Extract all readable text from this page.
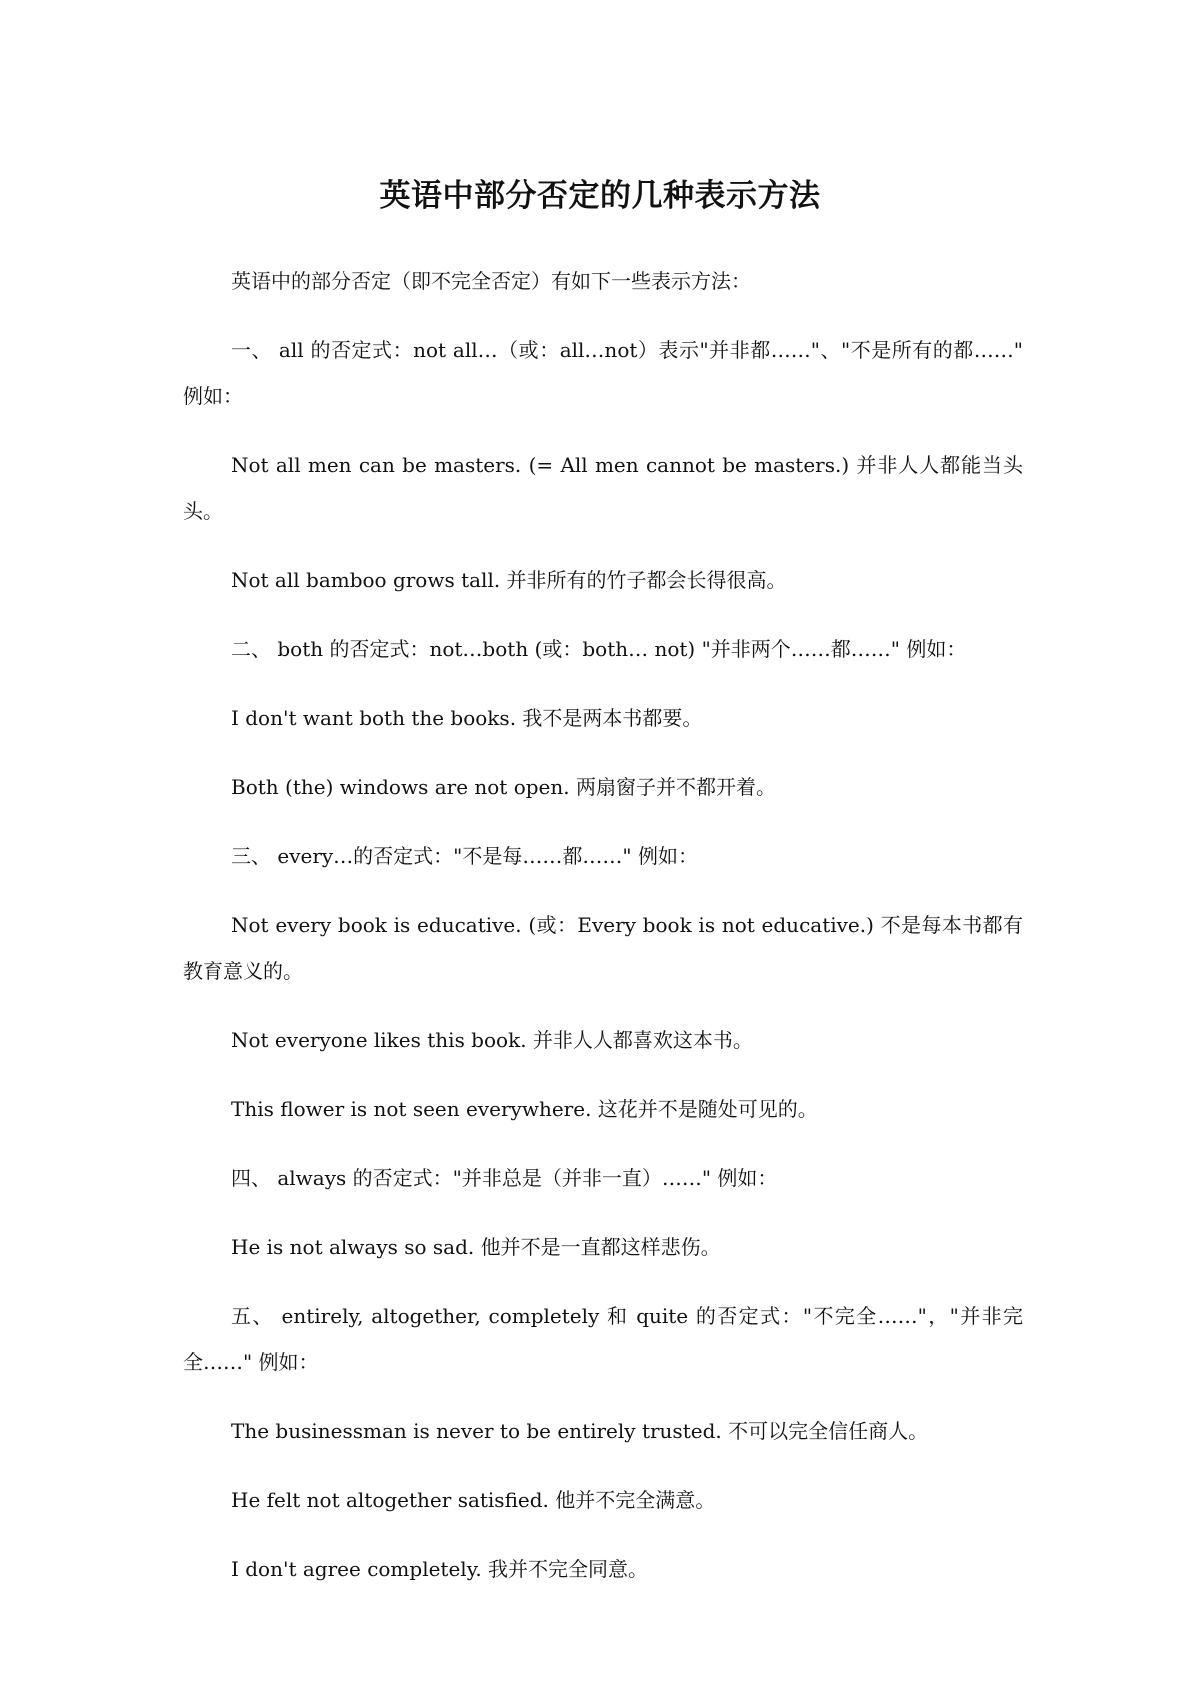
英语中部分否定的几种表示方法

英语中的部分否定（即不完全否定）有如下一些表示方法：

一、 all 的否定式：not all…（或：all…not）表示"并非都……"、"不是所有的都……" 例如：

Not all men can be masters. (= All men cannot be masters.) 并非人人都能当头头。

Not all bamboo grows tall. 并非所有的竹子都会长得很高。

二、 both 的否定式：not…both (或：both… not) "并非两个……都……" 例如：

I don't want both the books. 我不是两本书都要。

Both (the) windows are not open. 两扇窗子并不都开着。

三、 every…的否定式："不是每……都……" 例如：

Not every book is educative. (或：Every book is not educative.) 不是每本书都有教育意义的。

Not everyone likes this book. 并非人人都喜欢这本书。

This flower is not seen everywhere. 这花并不是随处可见的。

四、 always 的否定式："并非总是（并非一直）……" 例如：

He is not always so sad. 他并不是一直都这样悲伤。

五、 entirely, altogether, completely 和 quite 的否定式："不完全……"，"并非完全……" 例如：

The businessman is never to be entirely trusted. 不可以完全信任商人。

He felt not altogether satisfied. 他并不完全满意。

I don't agree completely. 我并不完全同意。
